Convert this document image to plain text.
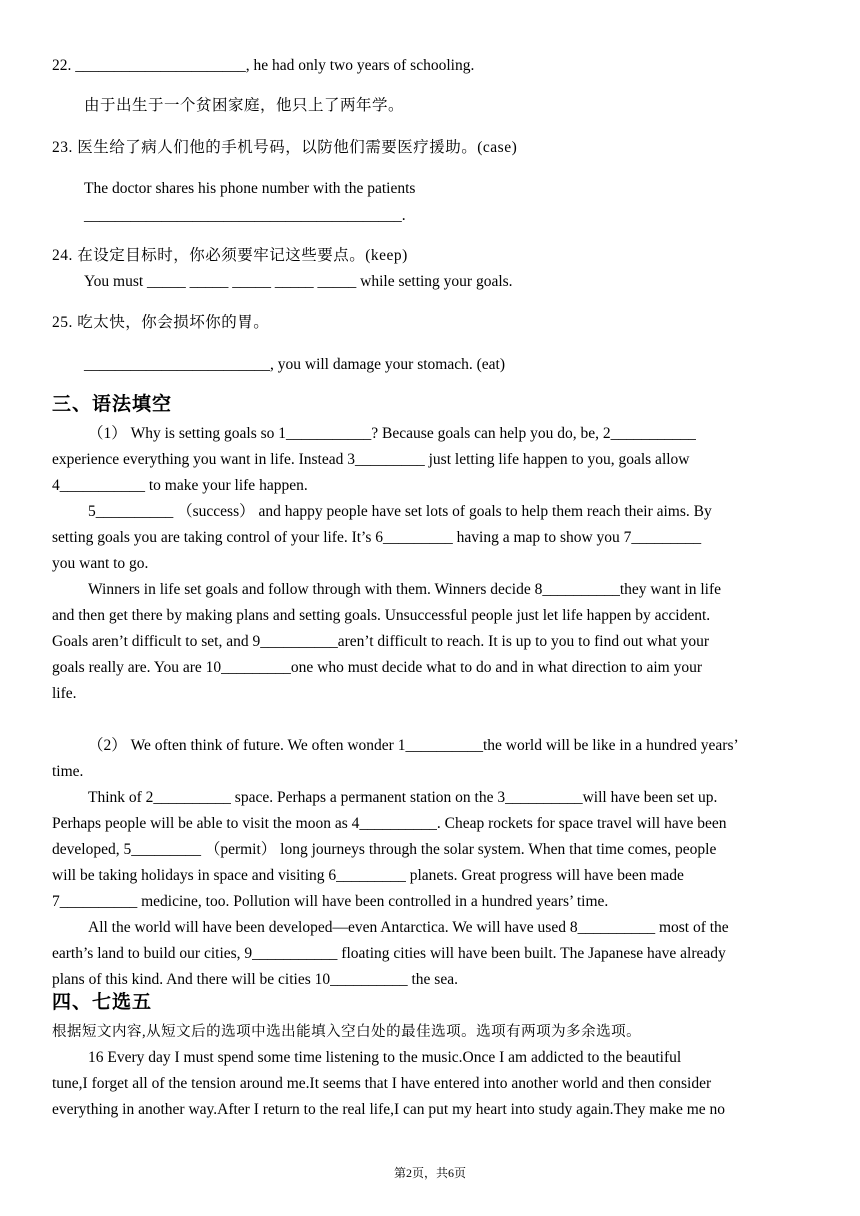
22. ______________________, he had only two years of schooling.
由于出生于一个贫困家庭，他只上了两年学。
23. 医生给了病人们他的手机号码，以防他们需要医疗援助。(case)
The doctor shares his phone number with the patients
_________________________________________.
24. 在设定目标时，你必须要牢记这些要点。(keep)
You must _____ _____ _____ _____ _____ while setting your goals.
25. 吃太快，你会损坏你的胃。
________________________, you will damage your stomach. (eat)
三、语法填空
（1） Why is setting goals so 1___________? Because goals can help you do, be, 2___________
experience everything you want in life. Instead 3_________ just letting life happen to you, goals allow
4___________ to make your life happen.
5__________ （success） and happy people have set lots of goals to help them reach their aims. By
setting goals you are taking control of your life. It’s 6_________ having a map to show you 7_________
you want to go.
Winners in life set goals and follow through with them. Winners decide 8__________they want in life
and then get there by making plans and setting goals. Unsuccessful people just let life happen by accident.
Goals aren’t difficult to set, and 9__________aren’t difficult to reach. It is up to you to find out what your
goals really are. You are 10_________one who must decide what to do and in what direction to aim your
life.
（2） We often think of future. We often wonder 1__________the world will be like in a hundred years’
time.
Think of 2__________ space. Perhaps a permanent station on the 3__________will have been set up.
Perhaps people will be able to visit the moon as 4__________. Cheap rockets for space travel will have been
developed, 5_________ （permit） long journeys through the solar system. When that time comes, people
will be taking holidays in space and visiting 6_________ planets. Great progress will have been made
7__________ medicine, too. Pollution will have been controlled in a hundred years’ time.
All the world will have been developed—even Antarctica. We will have used 8__________ most of the
earth’s land to build our cities, 9___________ floating cities will have been built. The Japanese have already
plans of this kind. And there will be cities 10__________ the sea.
四、七选五
根据短文内容,从短文后的选项中选出能填入空白处的最佳选项。选项有两项为多余选项。
16 Every day I must spend some time listening to the music.Once I am addicted to the beautiful
tune,I forget all of the tension around me.It seems that I have entered into another world and then consider
everything in another way.After I return to the real life,I can put my heart into study again.They make me no
第2页，共6页
